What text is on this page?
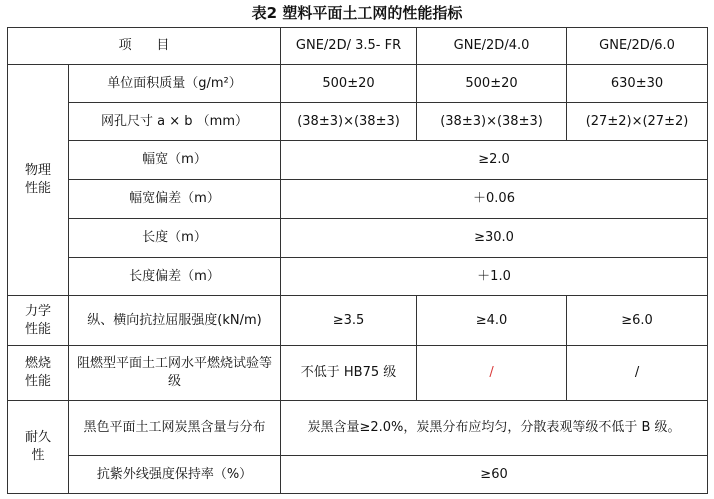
表2 塑料平面土工网的性能指标
项      目		GNE/2D/ 3.5- FR	GNE/2D/4.0	GNE/2D/6.0
物理
性能	单位面积质量（g/m²）	500±20	500±20	630±30
	网孔尺寸 a × b （mm）	(38±3)×(38±3)	(38±3)×(38±3)	(27±2)×(27±2)
	幅宽（m）	≥2.0		
	幅宽偏差（m）	＋0.06		
	长度（m）	≥30.0		
	长度偏差（m）	＋1.0		
力学
性能	纵、横向抗拉屈服强度(kN/m)	≥3.5	≥4.0	≥6.0
燃烧
性能	阻燃型平面土工网水平燃烧试验等级	不低于 HB75 级	/	/
耐久
性	黑色平面土工网炭黑含量与分布	炭黑含量≥2.0%，炭黑分布应均匀，分散表观等级不低于 B 级。		
	抗紫外线强度保持率（%）	≥60		
